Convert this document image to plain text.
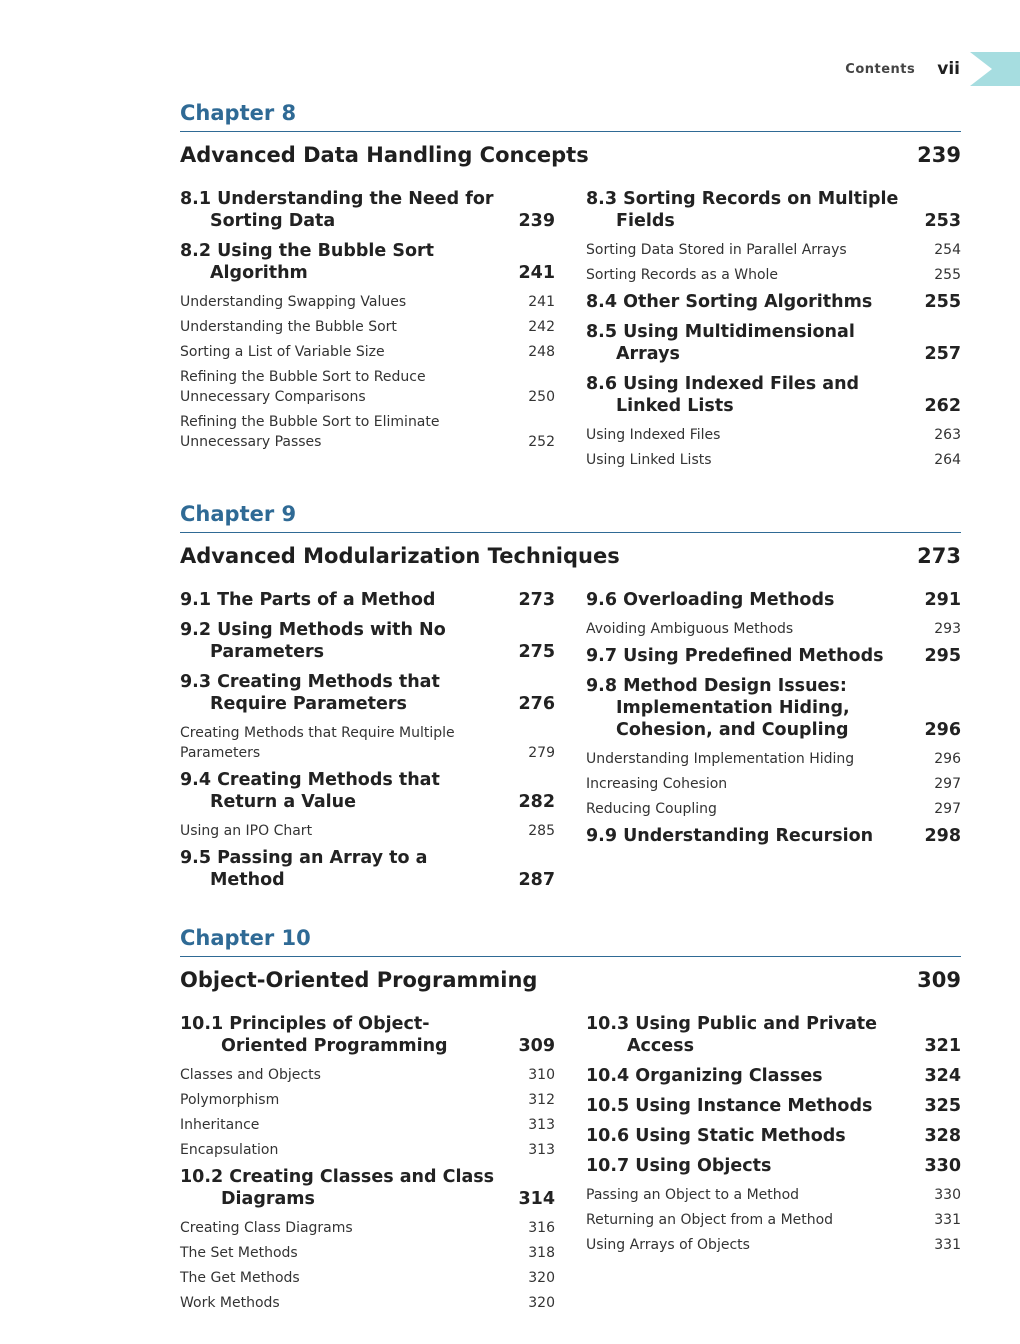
Contents vii
Chapter 8
Advanced Data Handling Concepts	239
8.1 Understanding the Need for Sorting Data	239
8.2 Using the Bubble Sort Algorithm	241
Understanding Swapping Values	241
Understanding the Bubble Sort	242
Sorting a List of Variable Size	248
Refining the Bubble Sort to Reduce Unnecessary Comparisons	250
Refining the Bubble Sort to Eliminate Unnecessary Passes	252
8.3 Sorting Records on Multiple Fields	253
Sorting Data Stored in Parallel Arrays	254
Sorting Records as a Whole	255
8.4 Other Sorting Algorithms	255
8.5 Using Multidimensional Arrays	257
8.6 Using Indexed Files and Linked Lists	262
Using Indexed Files	263
Using Linked Lists	264
Chapter 9
Advanced Modularization Techniques	273
9.1 The Parts of a Method	273
9.2 Using Methods with No Parameters	275
9.3 Creating Methods that Require Parameters	276
Creating Methods that Require Multiple Parameters	279
9.4 Creating Methods that Return a Value	282
Using an IPO Chart	285
9.5 Passing an Array to a Method	287
9.6 Overloading Methods	291
Avoiding Ambiguous Methods	293
9.7 Using Predefined Methods	295
9.8 Method Design Issues: Implementation Hiding, Cohesion, and Coupling	296
Understanding Implementation Hiding	296
Increasing Cohesion	297
Reducing Coupling	297
9.9 Understanding Recursion	298
Chapter 10
Object-Oriented Programming	309
10.1 Principles of Object-Oriented Programming	309
Classes and Objects	310
Polymorphism	312
Inheritance	313
Encapsulation	313
10.2 Creating Classes and Class Diagrams	314
Creating Class Diagrams	316
The Set Methods	318
The Get Methods	320
Work Methods	320
10.3 Using Public and Private Access	321
10.4 Organizing Classes	324
10.5 Using Instance Methods	325
10.6 Using Static Methods	328
10.7 Using Objects	330
Passing an Object to a Method	330
Returning an Object from a Method	331
Using Arrays of Objects	331
